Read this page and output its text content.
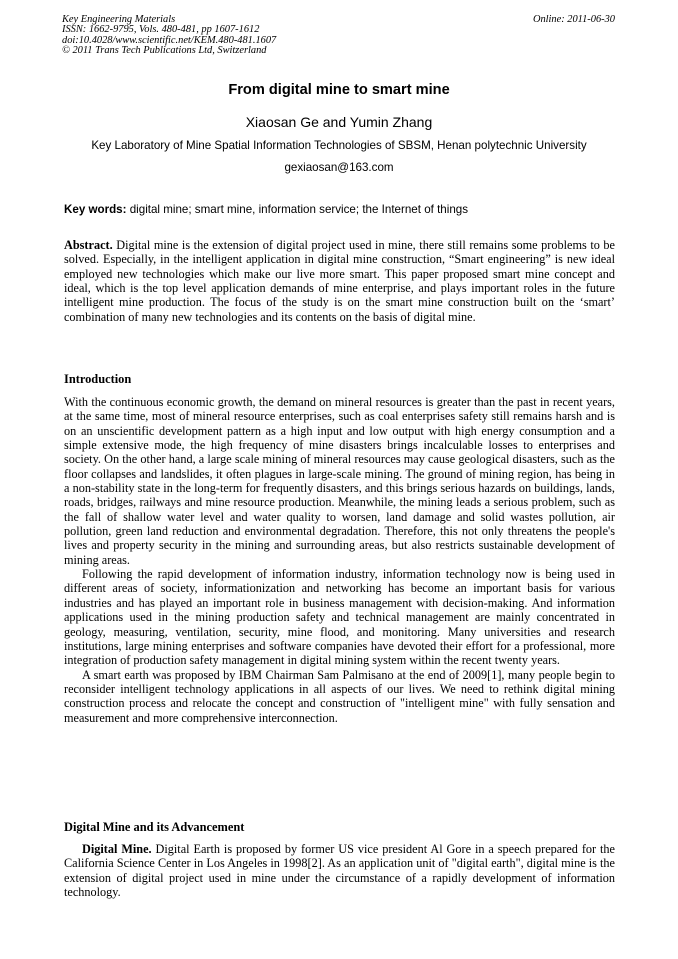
Key Engineering Materials
ISSN: 1662-9795, Vols. 480-481, pp 1607-1612
doi:10.4028/www.scientific.net/KEM.480-481.1607
© 2011 Trans Tech Publications Ltd, Switzerland
Online: 2011-06-30
From digital mine to smart mine
Xiaosan Ge and Yumin Zhang
Key Laboratory of Mine Spatial Information Technologies of SBSM, Henan polytechnic University
gexiaosan@163.com
Key words: digital mine; smart mine, information service; the Internet of things

Abstract. Digital mine is the extension of digital project used in mine, there still remains some problems to be solved. Especially, in the intelligent application in digital mine construction, “Smart engineering” is new ideal employed new technologies which make our live more smart. This paper proposed smart mine concept and ideal, which is the top level application demands of mine enterprise, and plays important roles in the future intelligent mine production. The focus of the study is on the smart mine construction built on the ‘smart’ combination of many new technologies and its contents on the basis of digital mine.

Introduction

With the continuous economic growth, the demand on mineral resources is greater than the past in recent years, at the same time, most of mineral resource enterprises, such as coal enterprises safety still remains harsh and is on an unscientific development pattern as a high input and low output with high energy consumption and a simple extensive mode, the high frequency of mine disasters brings incalculable losses to enterprises and society. On the other hand, a large scale mining of mineral resources may cause geological disasters, such as the floor collapses and landslides, it often plagues in large-scale mining. The ground of mining region, has being in a non-stability state in the long-term for frequently disasters, and this brings serious hazards on buildings, lands, roads, bridges, railways and mine resource production. Meanwhile, the mining leads a serious problem, such as the fall of shallow water level and water quality to worsen, land damage and solid wastes pollution, air pollution, green land reduction and environmental degradation. Therefore, this not only threatens the people's lives and property security in the mining and surrounding areas, but also restricts sustainable development of mining areas.

Following the rapid development of information industry, information technology now is being used in different areas of society, informationization and networking has become an important basis for various industries and has played an important role in business management with decision-making. And information applications used in the mining production safety and technical management are mainly concentrated in geology, measuring, ventilation, security, mine flood, and monitoring. Many universities and research institutions, large mining enterprises and software companies have devoted their effort for a professional, more integration of production safety management in digital mining system within the recent twenty years.

A smart earth was proposed by IBM Chairman Sam Palmisano at the end of 2009[1], many people begin to reconsider intelligent technology applications in all aspects of our lives. We need to rethink digital mining construction process and relocate the concept and construction of "intelligent mine" with fully sensation and measurement and more comprehensive interconnection.

Digital Mine and its Advancement

Digital Mine. Digital Earth is proposed by former US vice president Al Gore in a speech prepared for the California Science Center in Los Angeles in 1998[2]. As an application unit of "digital earth", digital mine is the extension of digital project used in mine under the circumstance of a rapidly development of information technology.
